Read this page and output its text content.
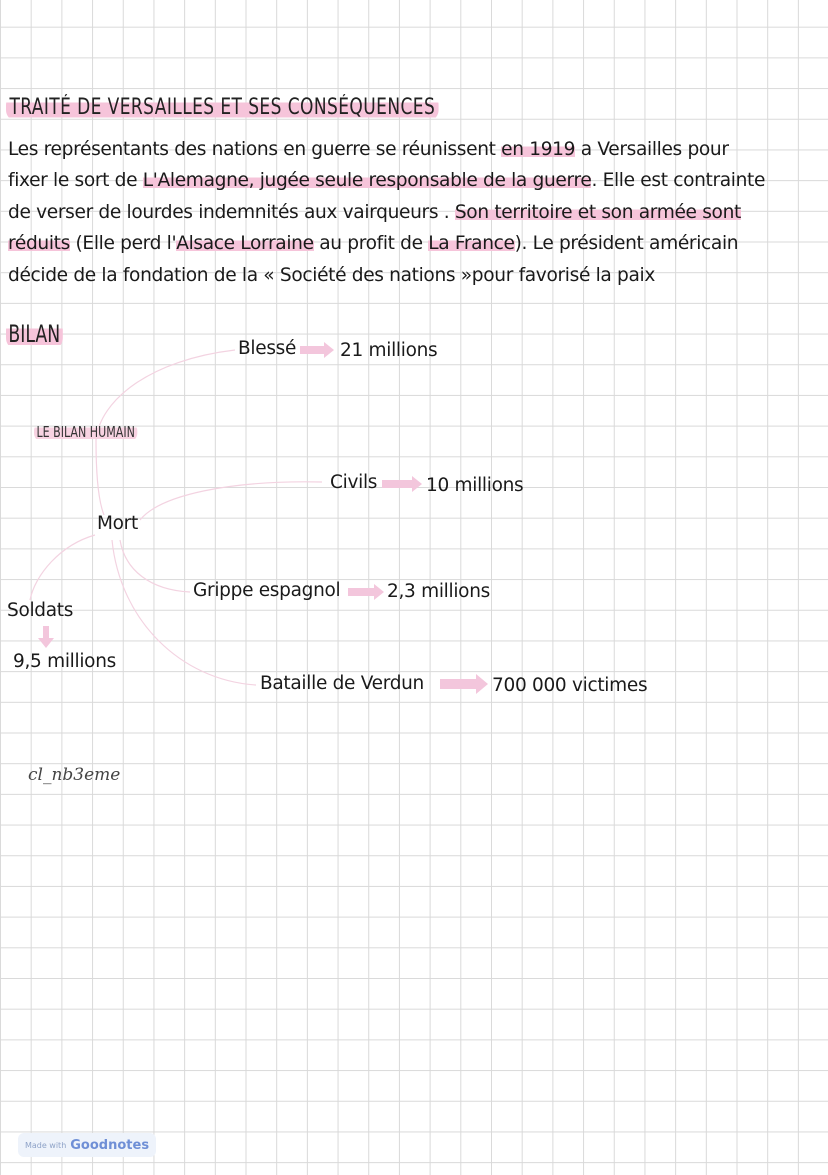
TRAITÉ DE VERSAILLES ET SES CONSÉQUENCES
Les représentants des nations en guerre se réunissent en 1919 a Versailles pour
fixer le sort de L'Alemagne, jugée seule responsable de la guerre. Elle est contrainte
de verser de lourdes indemnités aux vairqueurs . Son territoire et son armée sont
réduits (Elle perd l'Alsace Lorraine au profit de La France). Le président américain
décide de la fondation de la « Société des nations »pour favorisé la paix
BILAN
LE BILAN HUMAIN
Blessé 21 millions
Civils	10 millions
Mort
Grippe espagnol	2,3 millions
Soldats
9,5 millions
Bataille de Verdun	700 000 victimes
cl_nb3eme
Made with Goodnotes
